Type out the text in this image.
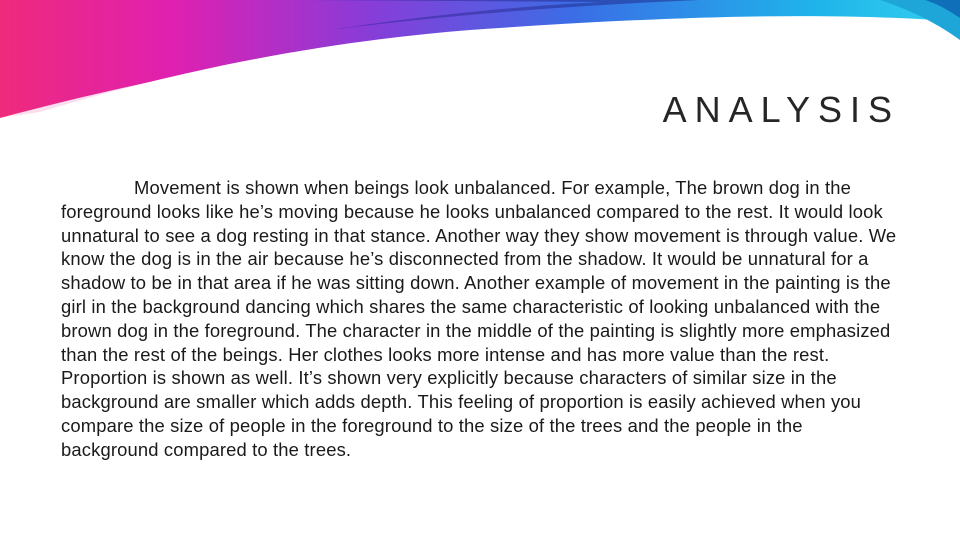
ANALYSIS

Movement is shown when beings look unbalanced. For example, The brown dog in the foreground looks like he’s moving because he looks unbalanced compared to the rest. It would look unnatural to see a dog resting in that stance. Another way they show movement is through value. We know the dog is in the air because he’s disconnected from the shadow. It would be unnatural for a shadow to be in that area if he was sitting down. Another example of movement in the painting is the girl in the background dancing which shares the same characteristic of looking unbalanced with the brown dog in the foreground. The character in the middle of the painting is slightly more emphasized than the rest of the beings. Her clothes looks more intense and has more value than the rest. Proportion is shown as well. It’s shown very explicitly because characters of similar size in the background are smaller which adds depth. This feeling of proportion is easily achieved when you compare the size of people in the foreground to the size of the trees and the people in the background compared to the trees.
